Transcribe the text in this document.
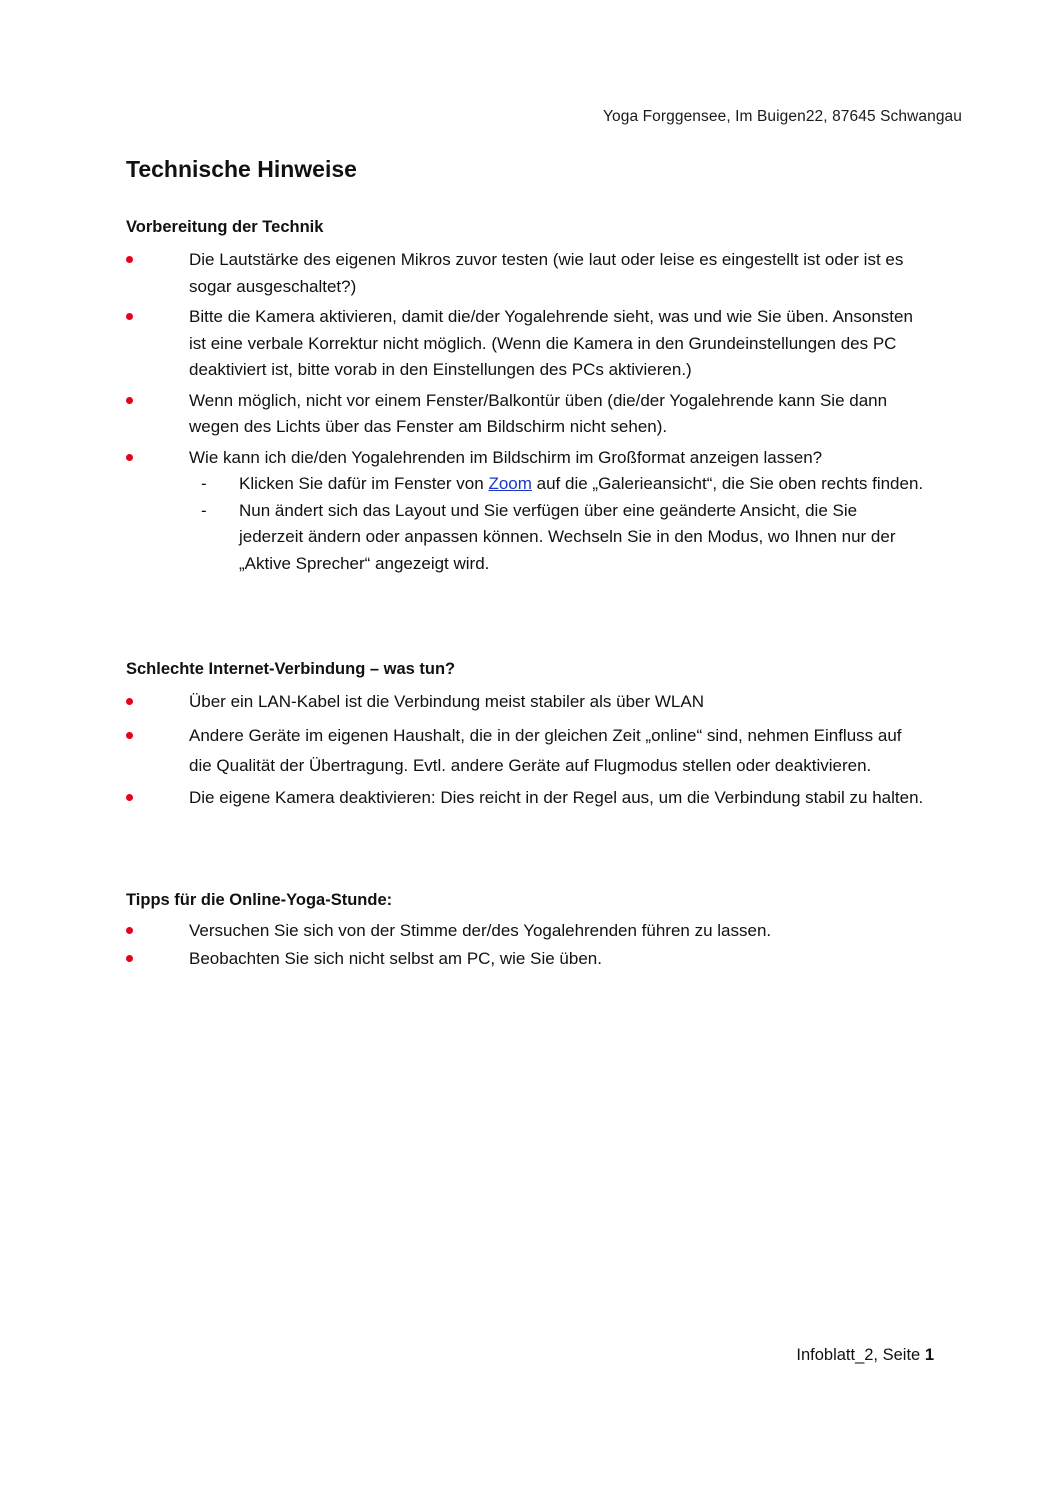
Yoga Forggensee, Im Buigen22, 87645 Schwangau
Technische Hinweise
Vorbereitung der Technik
Die Lautstärke des eigenen Mikros zuvor testen (wie laut oder leise es eingestellt ist oder ist es sogar ausgeschaltet?)
Bitte die Kamera aktivieren, damit die/der Yogalehrende sieht, was und wie Sie üben. Ansonsten ist eine verbale Korrektur nicht möglich. (Wenn die Kamera in den Grundeinstellungen des PC deaktiviert ist, bitte vorab in den Einstellungen des PCs aktivieren.)
Wenn möglich, nicht vor einem Fenster/Balkontür üben (die/der Yogalehrende kann Sie dann wegen des Lichts über das Fenster am Bildschirm nicht sehen).
Wie kann ich die/den Yogalehrenden im Bildschirm im Großformat anzeigen lassen?
- Klicken Sie dafür im Fenster von Zoom auf die „Galerieansicht“, die Sie oben rechts finden.
- Nun ändert sich das Layout und Sie verfügen über eine geänderte Ansicht, die Sie jederzeit ändern oder anpassen können. Wechseln Sie in den Modus, wo Ihnen nur der „Aktive Sprecher“ angezeigt wird.
Schlechte Internet-Verbindung – was tun?
Über ein LAN-Kabel ist die Verbindung meist stabiler als über WLAN
Andere Geräte im eigenen Haushalt, die in der gleichen Zeit „online“ sind, nehmen Einfluss auf die Qualität der Übertragung. Evtl. andere Geräte auf Flugmodus stellen oder deaktivieren.
Die eigene Kamera deaktivieren: Dies reicht in der Regel aus, um die Verbindung stabil zu halten.
Tipps für die Online-Yoga-Stunde:
Versuchen Sie sich von der Stimme der/des Yogalehrenden führen zu lassen.
Beobachten Sie sich nicht selbst am PC, wie Sie üben.
Infoblatt_2, Seite 1
